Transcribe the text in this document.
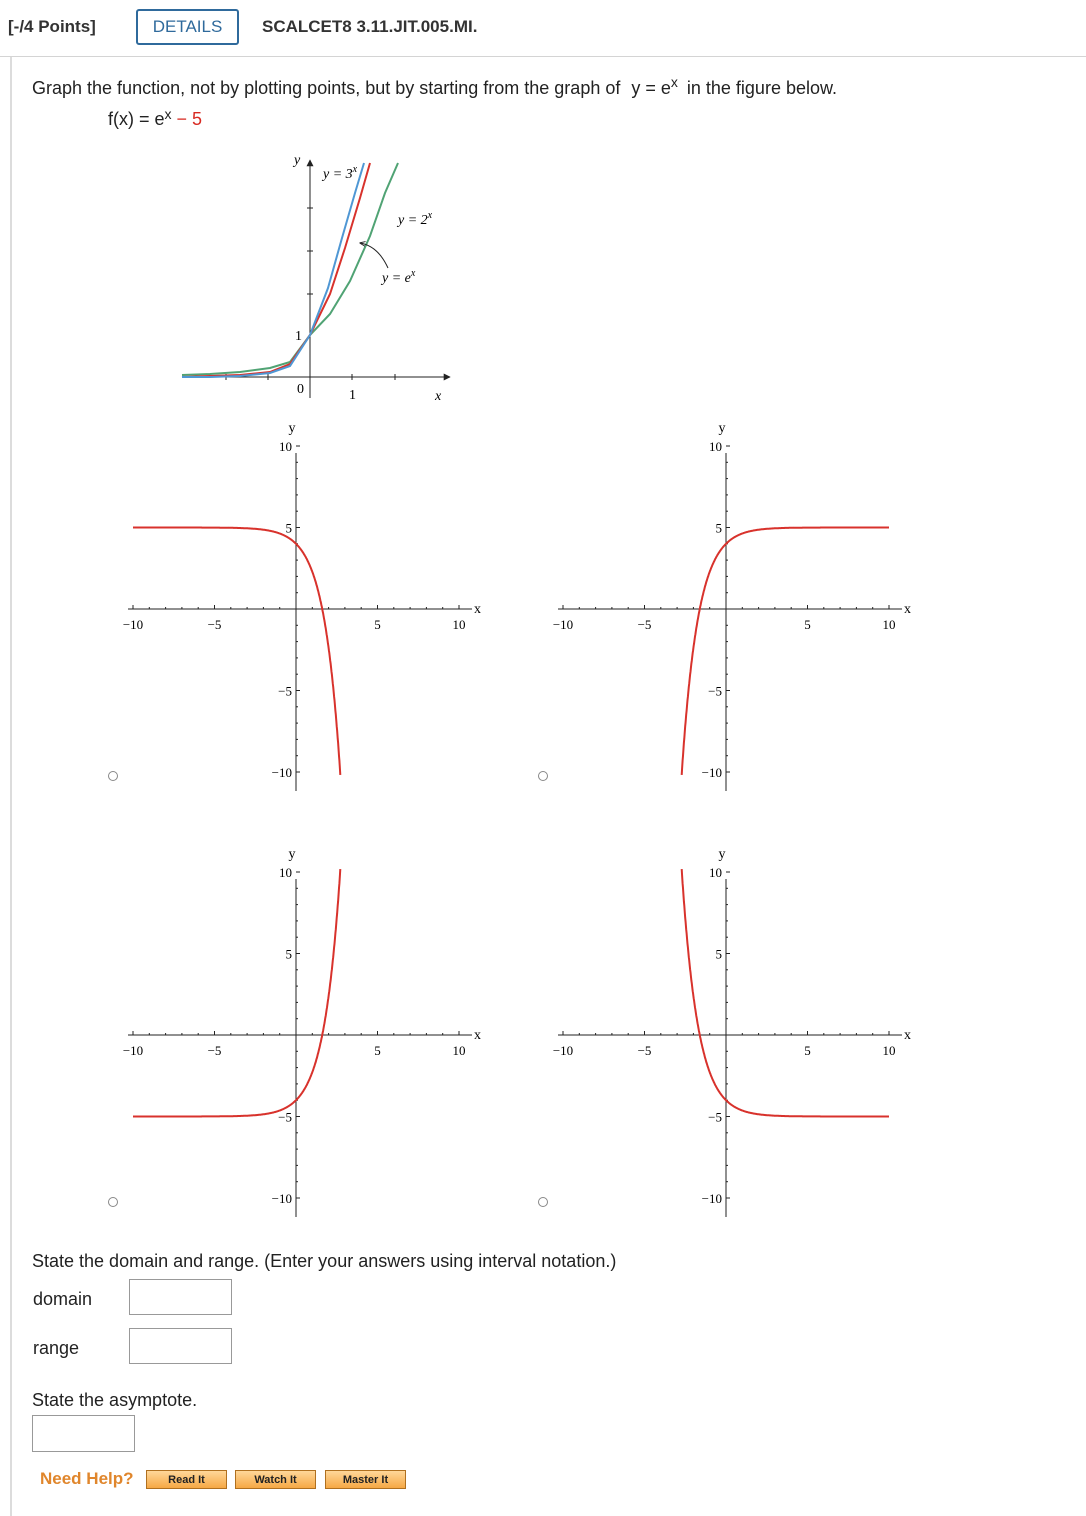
[-/4 Points]	DETAILS	SCALCET8 3.11.JIT.005.MI.
Graph the function, not by plotting points, but by starting from the graph of $y = e^x$ in the figure below.
$f(x) = e^x - 5$
y
$y = 3^x$
$y = 2^x$
$y = e^x$
1
0	1	x
−10	−5	5	10
10
5
−5
−10
y
x
−10	−5	5	10
10
5
−5
−10
y
x
−10	−5	5	10
10
5
−5
−10
y
x
−10	−5	5	10
10
5
−5
−10
y
x
State the domain and range. (Enter your answers using interval notation.)
domain
range
State the asymptote.
Need Help?	Read It	Watch It	Master It
